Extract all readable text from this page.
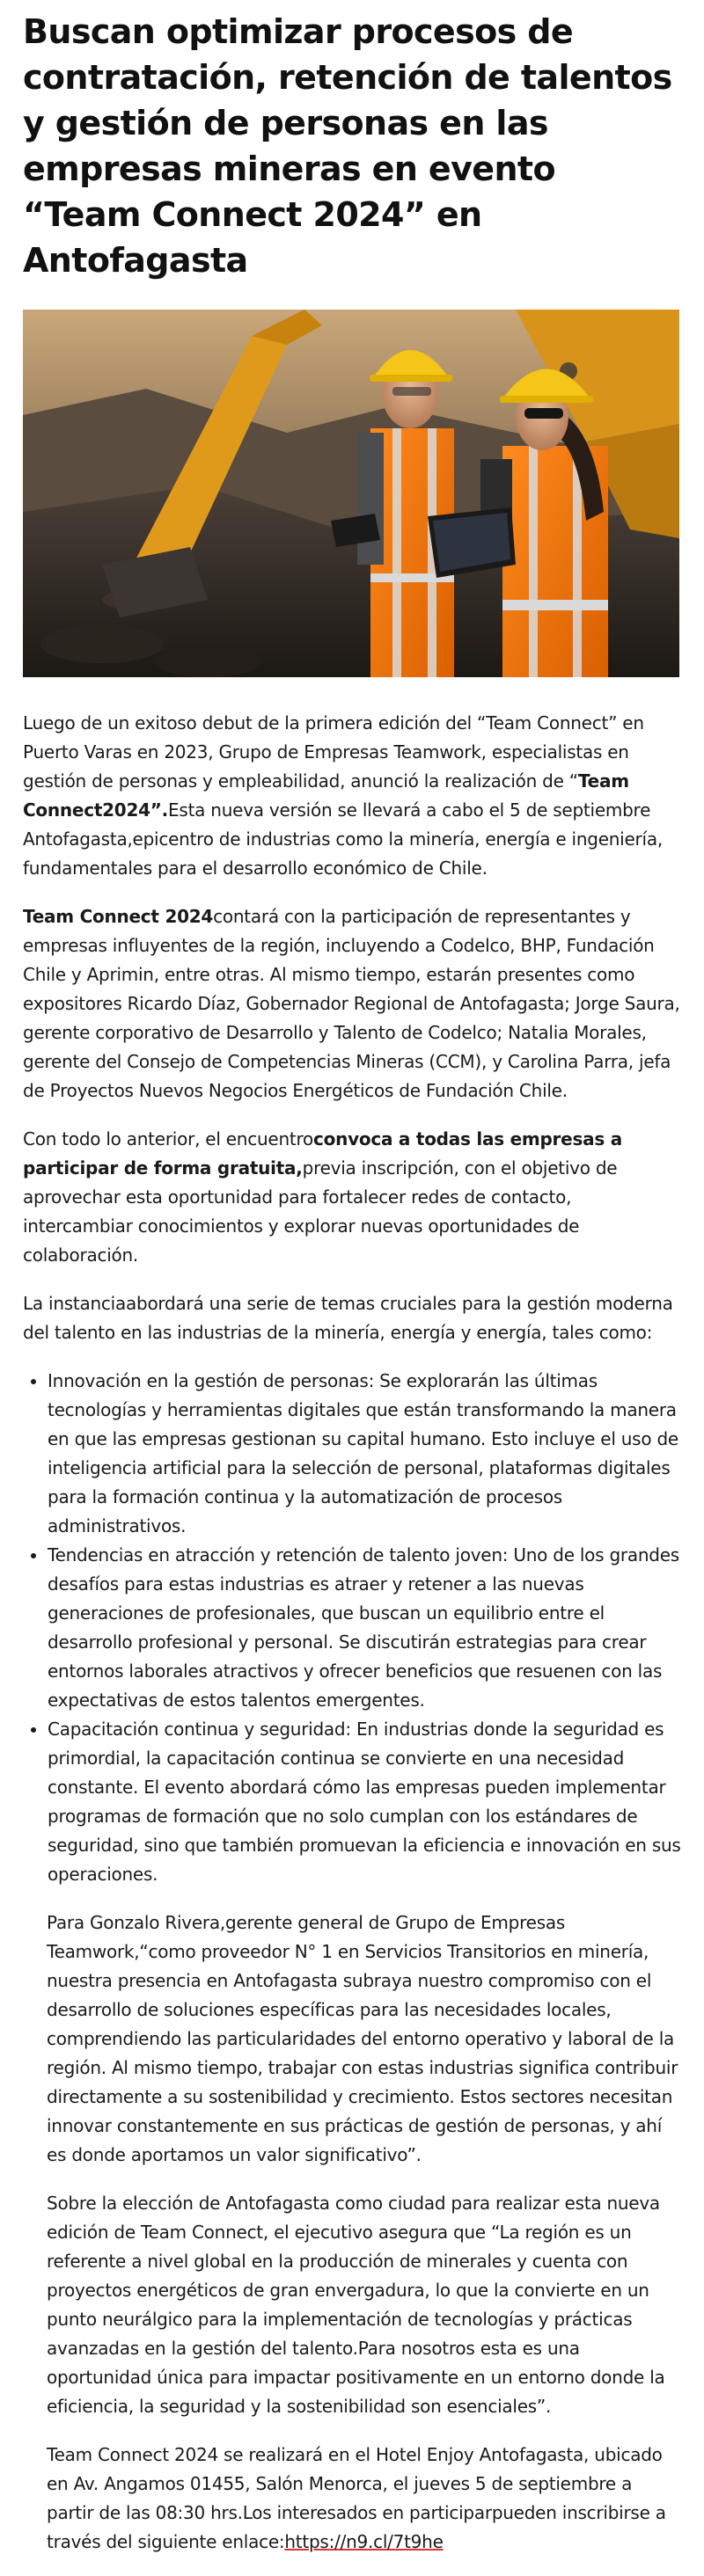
Buscan optimizar procesos de contratación, retención de talentos y gestión de personas en las empresas mineras en evento “Team Connect 2024” en Antofagasta

Luego de un exitoso debut de la primera edición del “Team Connect” en Puerto Varas en 2023, Grupo de Empresas Teamwork, especialistas en gestión de personas y empleabilidad, anunció la realización de “Team Connect2024”.Esta nueva versión se llevará a cabo el 5 de septiembre Antofagasta,epicentro de industrias como la minería, energía e ingeniería, fundamentales para el desarrollo económico de Chile.

Team Connect 2024contará con la participación de representantes y empresas influyentes de la región, incluyendo a Codelco, BHP, Fundación Chile y Aprimin, entre otras. Al mismo tiempo, estarán presentes como expositores Ricardo Díaz, Gobernador Regional de Antofagasta; Jorge Saura, gerente corporativo de Desarrollo y Talento de Codelco; Natalia Morales, gerente del Consejo de Competencias Mineras (CCM), y Carolina Parra, jefa de Proyectos Nuevos Negocios Energéticos de Fundación Chile.

Con todo lo anterior, el encuentroconvoca a todas las empresas a participar de forma gratuita,previa inscripción, con el objetivo de aprovechar esta oportunidad para fortalecer redes de contacto, intercambiar conocimientos y explorar nuevas oportunidades de colaboración.

La instanciaabordará una serie de temas cruciales para la gestión moderna del talento en las industrias de la minería, energía y energía, tales como:

• Innovación en la gestión de personas: Se explorarán las últimas tecnologías y herramientas digitales que están transformando la manera en que las empresas gestionan su capital humano. Esto incluye el uso de inteligencia artificial para la selección de personal, plataformas digitales para la formación continua y la automatización de procesos administrativos.
• Tendencias en atracción y retención de talento joven: Uno de los grandes desafíos para estas industrias es atraer y retener a las nuevas generaciones de profesionales, que buscan un equilibrio entre el desarrollo profesional y personal. Se discutirán estrategias para crear entornos laborales atractivos y ofrecer beneficios que resuenen con las expectativas de estos talentos emergentes.
• Capacitación continua y seguridad: En industrias donde la seguridad es primordial, la capacitación continua se convierte en una necesidad constante. El evento abordará cómo las empresas pueden implementar programas de formación que no solo cumplan con los estándares de seguridad, sino que también promuevan la eficiencia e innovación en sus operaciones.

Para Gonzalo Rivera,gerente general de Grupo de Empresas Teamwork,“como proveedor N° 1 en Servicios Transitorios en minería, nuestra presencia en Antofagasta subraya nuestro compromiso con el desarrollo de soluciones específicas para las necesidades locales, comprendiendo las particularidades del entorno operativo y laboral de la región. Al mismo tiempo, trabajar con estas industrias significa contribuir directamente a su sostenibilidad y crecimiento. Estos sectores necesitan innovar constantemente en sus prácticas de gestión de personas, y ahí es donde aportamos un valor significativo”.

Sobre la elección de Antofagasta como ciudad para realizar esta nueva edición de Team Connect, el ejecutivo asegura que “La región es un referente a nivel global en la producción de minerales y cuenta con proyectos energéticos de gran envergadura, lo que la convierte en un punto neurálgico para la implementación de tecnologías y prácticas avanzadas en la gestión del talento.Para nosotros esta es una oportunidad única para impactar positivamente en un entorno donde la eficiencia, la seguridad y la sostenibilidad son esenciales”.

Team Connect 2024 se realizará en el Hotel Enjoy Antofagasta, ubicado en Av. Angamos 01455, Salón Menorca, el jueves 5 de septiembre a partir de las 08:30 hrs.Los interesados en participarpueden inscribirse a través del siguiente enlace:https://n9.cl/7t9he
